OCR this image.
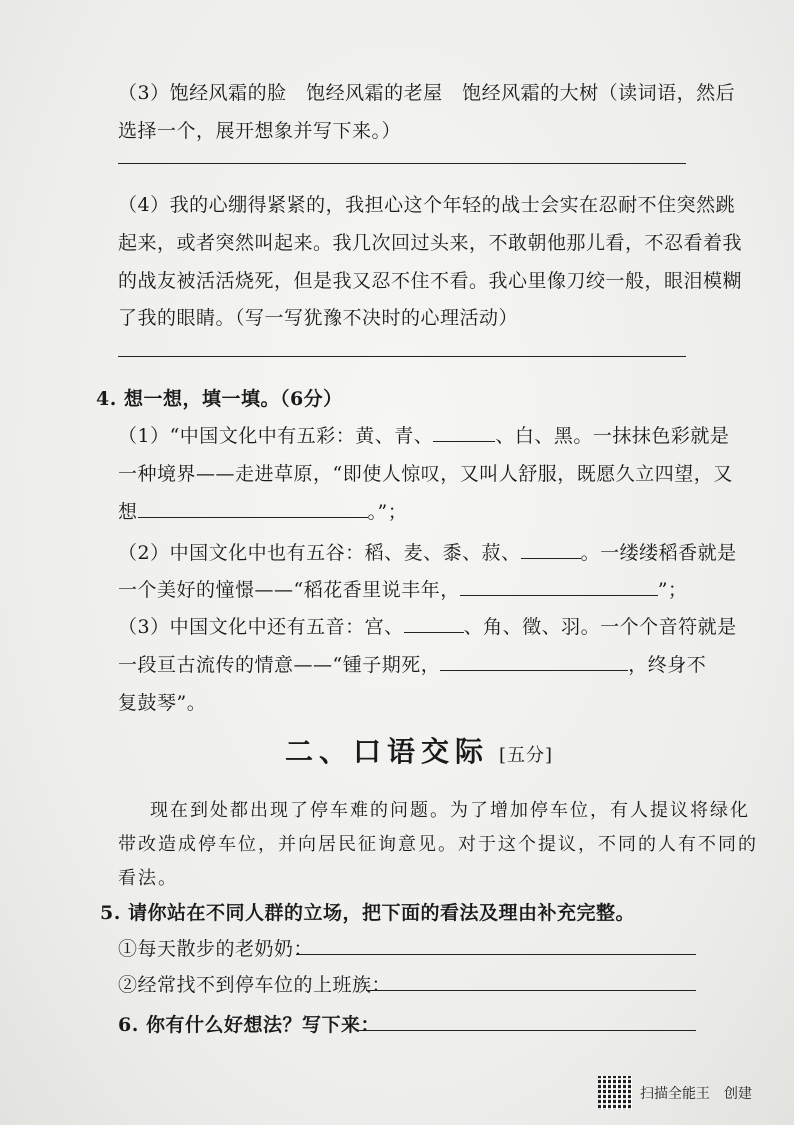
（3）饱经风霜的脸　饱经风霜的老屋　饱经风霜的大树（读词语，然后
选择一个，展开想象并写下来。）
（4）我的心绷得紧紧的，我担心这个年轻的战士会实在忍耐不住突然跳
起来，或者突然叫起来。我几次回过头来，不敢朝他那儿看，不忍看着我
的战友被活活烧死，但是我又忍不住不看。我心里像刀绞一般，眼泪模糊
了我的眼睛。（写一写犹豫不决时的心理活动）
4. 想一想，填一填。（6分）
（1）“中国文化中有五彩：黄、青、	、白、黑。一抹抹色彩就是
一种境界——走进草原，“即使人惊叹，又叫人舒服，既愿久立四望，又
想	。”；
（2）中国文化中也有五谷：稻、麦、黍、菽、	。一缕缕稻香就是
一个美好的憧憬——“稻花香里说丰年，	”；
（3）中国文化中还有五音：宫、	、角、徵、羽。一个个音符就是
一段亘古流传的情意——“锺子期死，	，终身不
复鼓琴”。
二、口语交际 [五分]
现在到处都出现了停车难的问题。为了增加停车位，有人提议将绿化
带改造成停车位，并向居民征询意见。对于这个提议，不同的人有不同的
看法。
5. 请你站在不同人群的立场，把下面的看法及理由补充完整。
①每天散步的老奶奶：
②经常找不到停车位的上班族：
6. 你有什么好想法？写下来：
扫描全能王　创建
